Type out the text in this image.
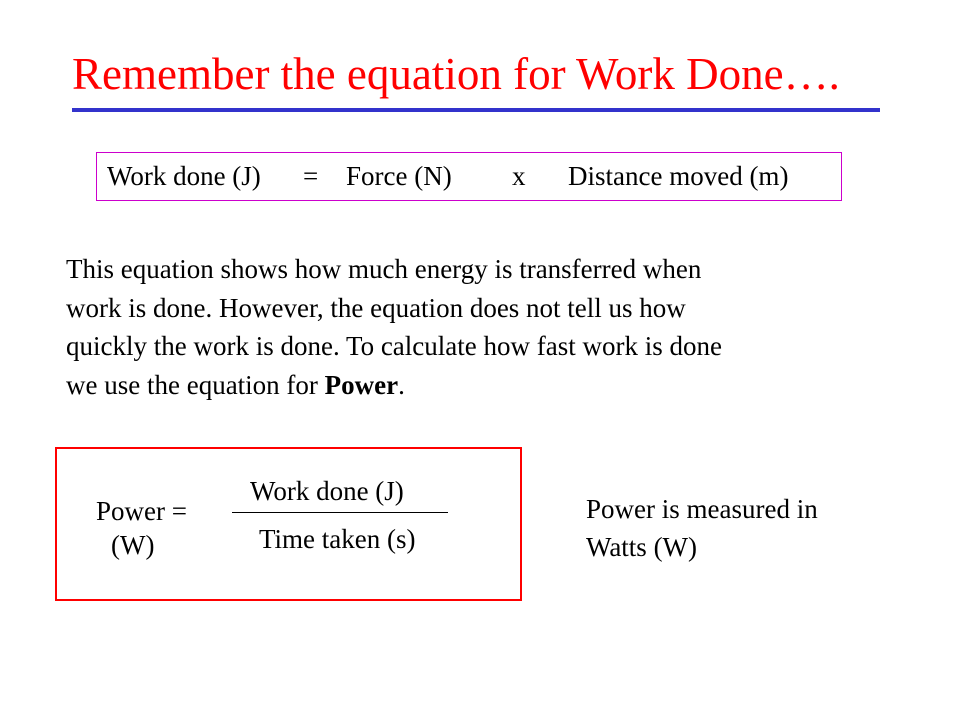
Remember the equation for Work Done….
Work done (J) = Force (N) x Distance moved (m)
This equation shows how much energy is transferred when
work is done. However, the equation does not tell us how
quickly the work is done. To calculate how fast work is done
we use the equation for Power.
Power =
(W)
Work done (J)
Time taken (s)
Power is measured in
Watts (W)
